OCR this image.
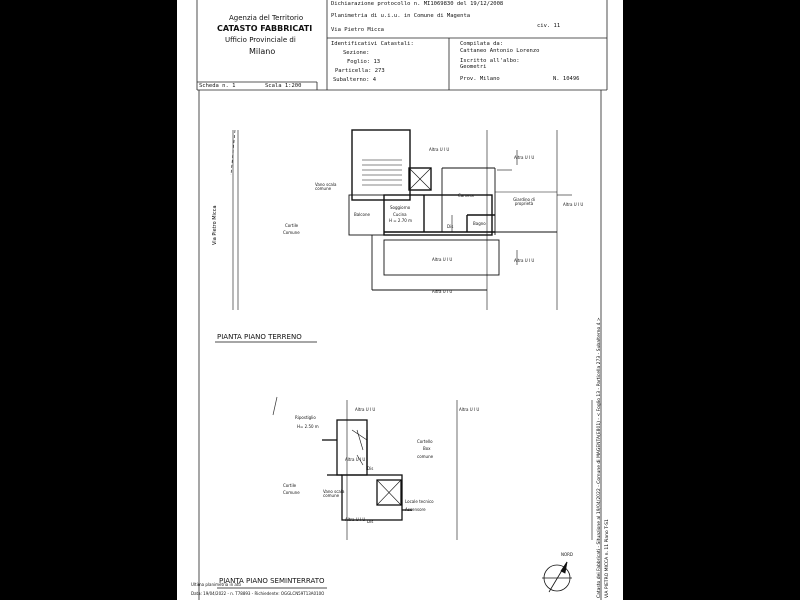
Agenzia del Territorio
CATASTO FABBRICATI
Ufficio Provinciale di
Milano
Dichiarazione protocollo n. MI1069830 del 19/12/2008
Planimetria di u.i.u. in Comune di Magenta
Via Pietro Micca
civ. 11
Identificativi Catastali:
Sezione:
Foglio: 13
Particella: 273
Subalterno: 4
Compilata da:
Cattaneo Antonio Lorenzo
Iscritto all'albo:
Geometri
Prov. Milano	N. 10496
Scheda n. 1	Scala 1:200
Via Pietro Micca
Altra U I U
Altra U I U
Altra U I U
Altra U I U	Altra U I U
Altra U I U
Vano scala comune
Camera
Giardino di proprietà
Balcone
Soggiorno
Cucina
H = 2.70 m
Dis
Bagno
Cortile
Comune
PIANTA PIANO TERRENO
Altra U I U	Altra U I U
Ripostiglio
H= 2.50 m
Cortello
Box
comune
Altra U I U
Dis
Cortile
Comune	Vano scala comune
Locale tecnico
Ascensore
Altra U I U Dis
PIANTA PIANO SEMINTERRATO
NORD
Ultima planimetria in atti
Data: 19/04/2022 - n. T78893 - Richiedente: OGGLCN59T13A010O	Catasto dei Fabbricati - Situazione al 19/04/2022 - Comune di MAGENTA(E801) - < Foglio 13 - Particella 273 - Subalterno 4 > VIA PIETRO MICCA n. 11 Piano T-S1
